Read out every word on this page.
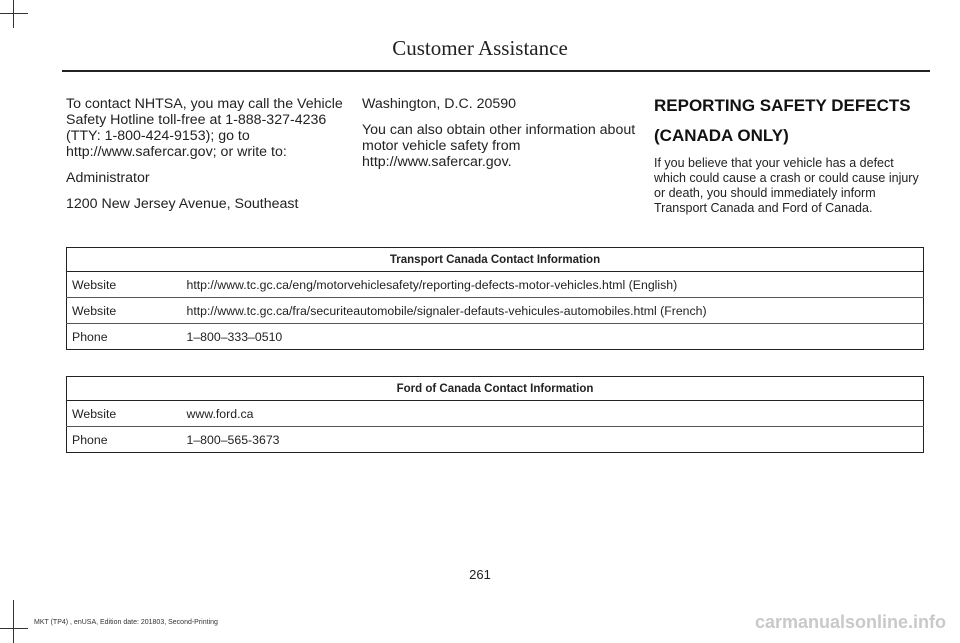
Customer Assistance

To contact NHTSA, you may call the Vehicle Safety Hotline toll-free at 1-888-327-4236 (TTY: 1-800-424-9153); go to http://www.safercar.gov; or write to:

Administrator

1200 New Jersey Avenue, Southeast

Washington, D.C. 20590

You can also obtain other information about motor vehicle safety from http://www.safercar.gov.

REPORTING SAFETY DEFECTS
(CANADA ONLY)

If you believe that your vehicle has a defect which could cause a crash or could cause injury or death, you should immediately inform Transport Canada and Ford of Canada.

Transport Canada Contact Information	
Website	http://www.tc.gc.ca/eng/motorvehiclesafety/reporting-defects-motor-vehicles.html (English)
Website	http://www.tc.gc.ca/fra/securiteautomobile/signaler-defauts-vehicules-automobiles.html (French)
Phone	1–800–333–0510
Ford of Canada Contact Information	
Website	www.ford.ca
Phone	1–800–565-3673
261
MKT (TP4) , enUSA, Edition date: 201803, Second-Printing	carmanualsonline.info
